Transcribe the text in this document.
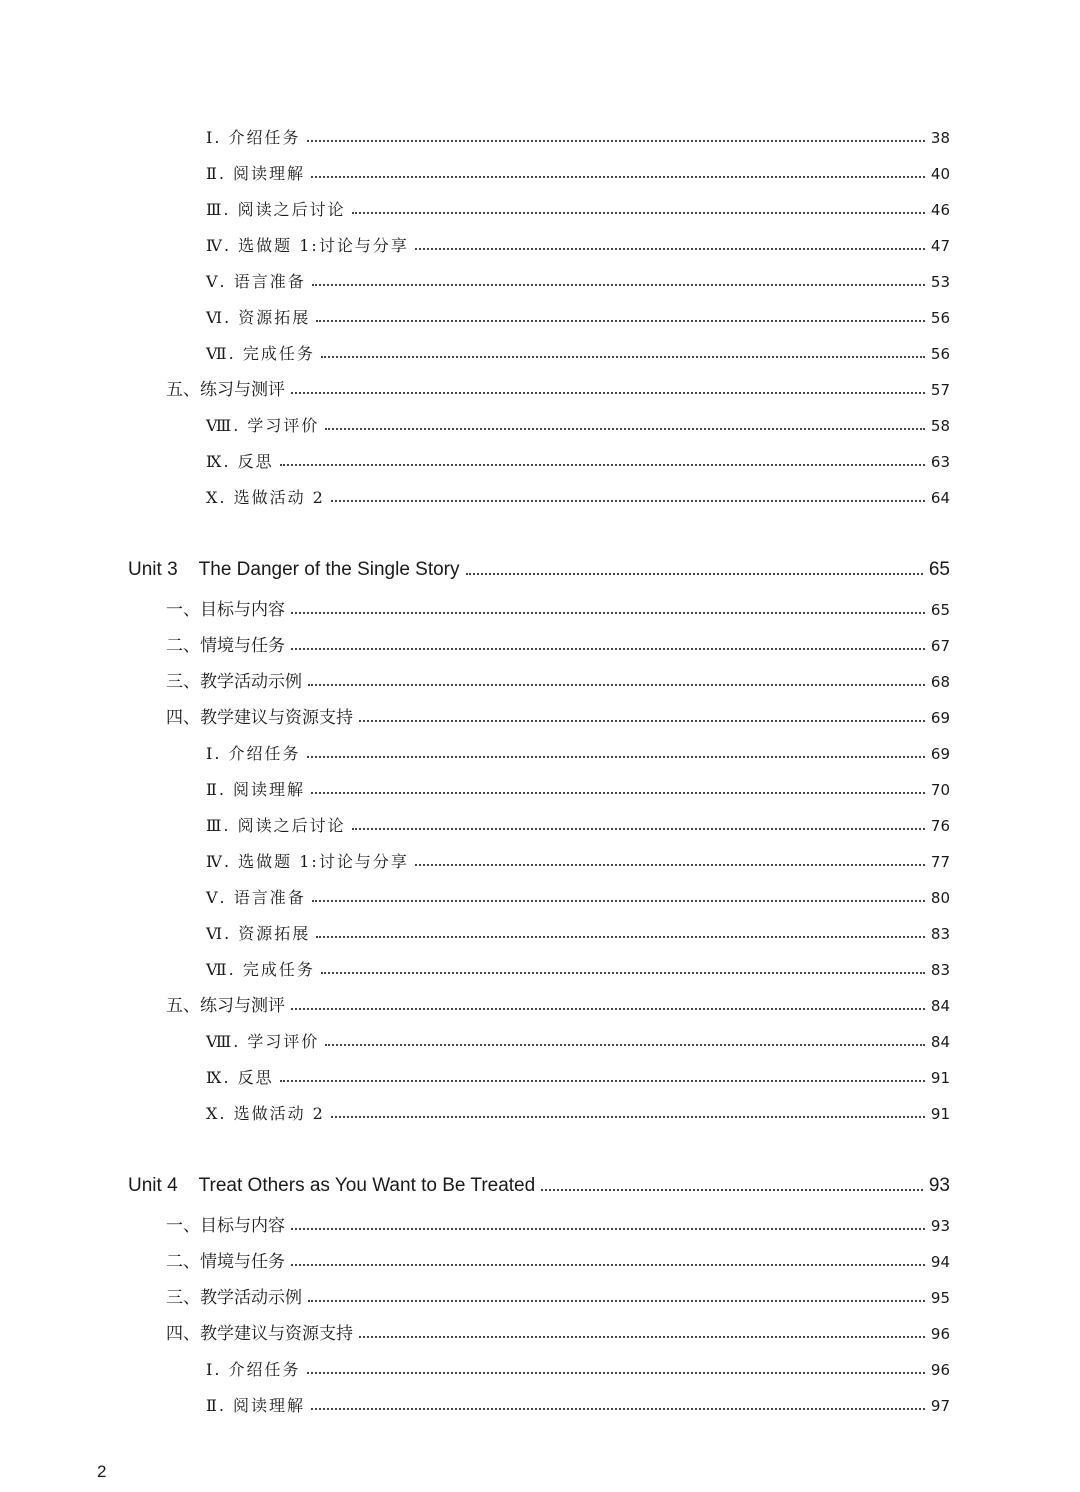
Ⅰ. 介绍任务	38
Ⅱ. 阅读理解	40
Ⅲ. 阅读之后讨论	46
Ⅳ. 选做题 1:讨论与分享	47
Ⅴ. 语言准备	53
Ⅵ. 资源拓展	56
Ⅶ. 完成任务	56
五、练习与测评	57
Ⅷ. 学习评价	58
Ⅸ. 反思	63
Ⅹ. 选做活动 2	64
Unit 3 The Danger of the Single Story	65
一、目标与内容	65
二、情境与任务	67
三、教学活动示例	68
四、教学建议与资源支持	69
Ⅰ. 介绍任务	69
Ⅱ. 阅读理解	70
Ⅲ. 阅读之后讨论	76
Ⅳ. 选做题 1:讨论与分享	77
Ⅴ. 语言准备	80
Ⅵ. 资源拓展	83
Ⅶ. 完成任务	83
五、练习与测评	84
Ⅷ. 学习评价	84
Ⅸ. 反思	91
Ⅹ. 选做活动 2	91
Unit 4 Treat Others as You Want to Be Treated	93
一、目标与内容	93
二、情境与任务	94
三、教学活动示例	95
四、教学建议与资源支持	96
Ⅰ. 介绍任务	96
Ⅱ. 阅读理解	97
2
